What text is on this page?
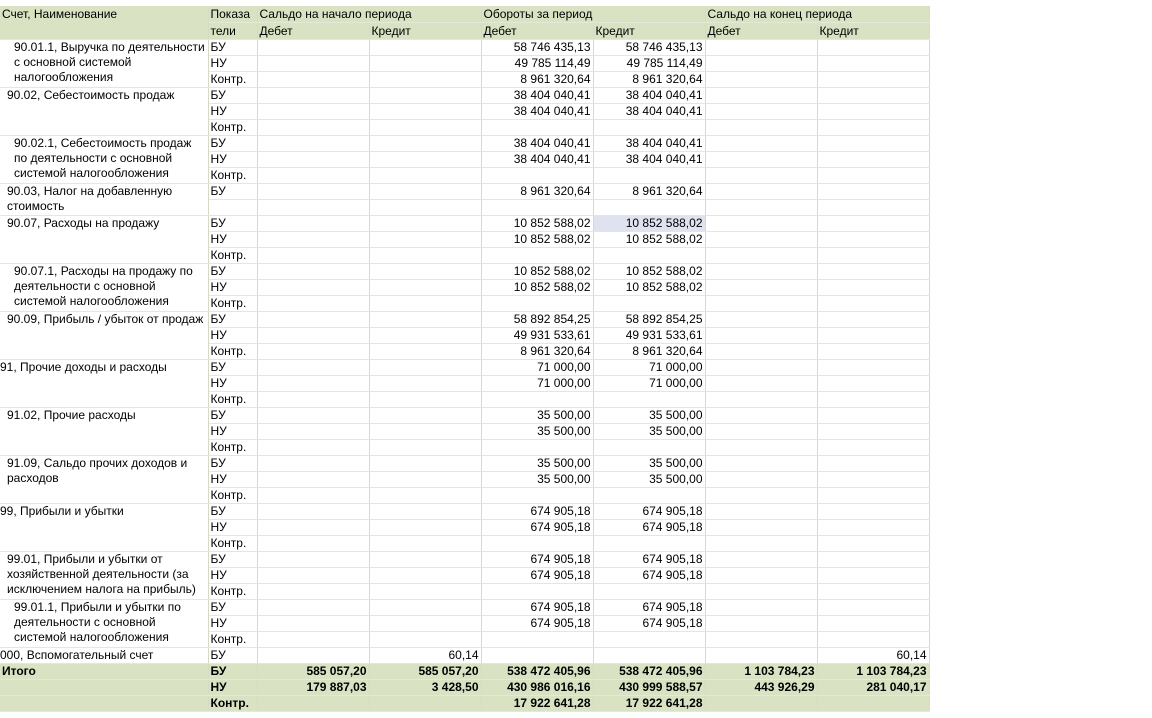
Счет, Наименование	Показа	Сальдо на начало периода		Обороты за период		Сальдо на конец периода	
	тели	Дебет	Кредит	Дебет	Кредит	Дебет	Кредит
90.01.1, Выручка по деятельности с основной системой налогообложения	БУ			58 746 435,13	58 746 435,13		
	НУ			49 785 114,49	49 785 114,49		
	Контр.			8 961 320,64	8 961 320,64		
90.02, Себестоимость продаж	БУ			38 404 040,41	38 404 040,41		
	НУ			38 404 040,41	38 404 040,41		
	Контр.						
90.02.1, Себестоимость продаж по деятельности с основной системой налогообложения	БУ			38 404 040,41	38 404 040,41		
	НУ			38 404 040,41	38 404 040,41		
	Контр.						
90.03, Налог на добавленную стоимость	БУ			8 961 320,64	8 961 320,64		

90.07, Расходы на продажу	БУ			10 852 588,02	10 852 588,02		
	НУ			10 852 588,02	10 852 588,02		
	Контр.						
90.07.1, Расходы на продажу по деятельности с основной системой налогообложения	БУ			10 852 588,02	10 852 588,02		
	НУ			10 852 588,02	10 852 588,02		
	Контр.						
90.09, Прибыль / убыток от продаж	БУ			58 892 854,25	58 892 854,25		
	НУ			49 931 533,61	49 931 533,61		
	Контр.			8 961 320,64	8 961 320,64		
91, Прочие доходы и расходы	БУ			71 000,00	71 000,00		
	НУ			71 000,00	71 000,00		
	Контр.						
91.02, Прочие расходы	БУ			35 500,00	35 500,00		
	НУ			35 500,00	35 500,00		
	Контр.						
91.09, Сальдо прочих доходов и расходов	БУ			35 500,00	35 500,00		
	НУ			35 500,00	35 500,00		
	Контр.						
99, Прибыли и убытки	БУ			674 905,18	674 905,18		
	НУ			674 905,18	674 905,18		
	Контр.						
99.01, Прибыли и убытки от хозяйственной деятельности (за исключением налога на прибыль)	БУ			674 905,18	674 905,18		
	НУ			674 905,18	674 905,18		
	Контр.						
99.01.1, Прибыли и убытки по деятельности с основной системой налогообложения	БУ			674 905,18	674 905,18		
	НУ			674 905,18	674 905,18		
	Контр.						
000, Вспомогательный счет	БУ		60,14				60,14
Итого	БУ	585 057,20	585 057,20	538 472 405,96	538 472 405,96	1 103 784,23	1 103 784,23
	НУ	179 887,03	3 428,50	430 986 016,16	430 999 588,57	443 926,29	281 040,17
	Контр.			17 922 641,28	17 922 641,28		
